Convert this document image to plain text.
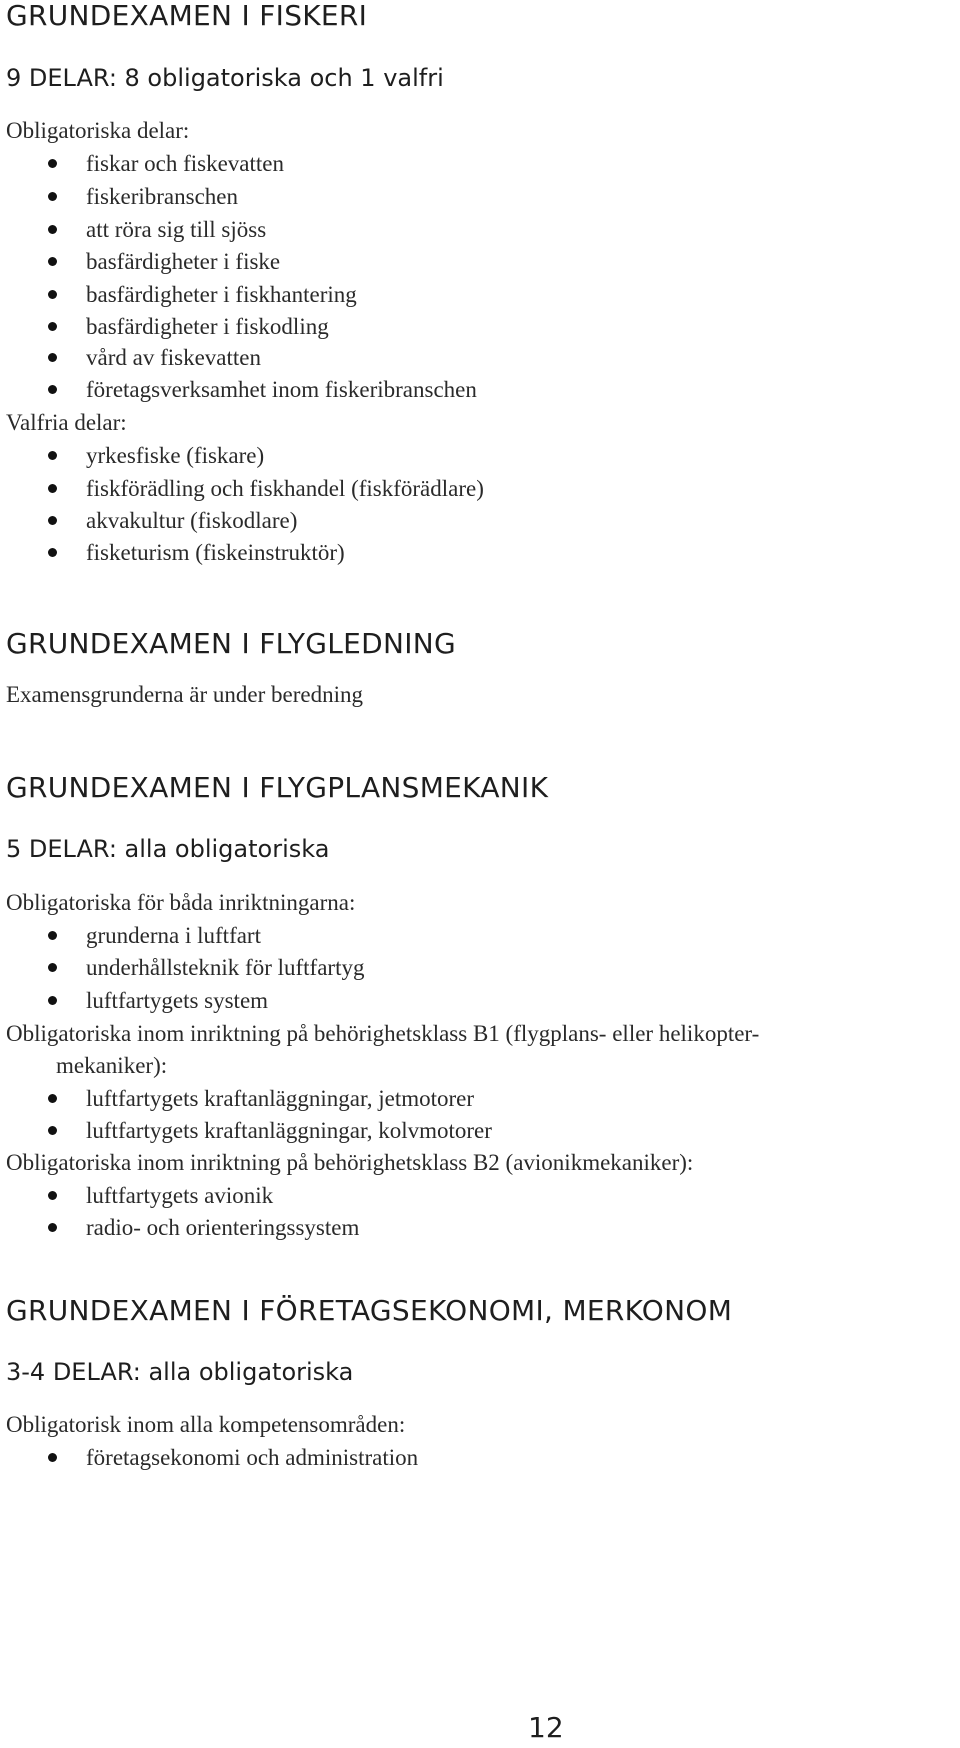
GRUNDEXAMEN I FISKERI
9 DELAR: 8 obligatoriska och 1 valfri
Obligatoriska delar:
fiskar och fiskevatten
fiskeribranschen
att röra sig till sjöss
basfärdigheter i fiske
basfärdigheter i fiskhantering
basfärdigheter i fiskodling
vård av fiskevatten
företagsverksamhet inom fiskeribranschen
Valfria delar:
yrkesfiske (fiskare)
fiskförädling och fiskhandel (fiskförädlare)
akvakultur (fiskodlare)
fisketurism (fiskeinstruktör)
GRUNDEXAMEN I FLYGLEDNING
Examensgrunderna är under beredning
GRUNDEXAMEN I FLYGPLANSMEKANIK
5 DELAR: alla obligatoriska
Obligatoriska för båda inriktningarna:
grunderna i luftfart
underhållsteknik för luftfartyg
luftfartygets system
Obligatoriska inom inriktning på behörighetsklass B1 (flygplans- eller helikopter-
mekaniker):
luftfartygets kraftanläggningar, jetmotorer
luftfartygets kraftanläggningar, kolvmotorer
Obligatoriska inom inriktning på behörighetsklass B2 (avionikmekaniker):
luftfartygets avionik
radio- och orienteringssystem
GRUNDEXAMEN I FÖRETAGSEKONOMI, MERKONOM
3-4 DELAR: alla obligatoriska
Obligatorisk inom alla kompetensområden:
företagsekonomi och administration
12
